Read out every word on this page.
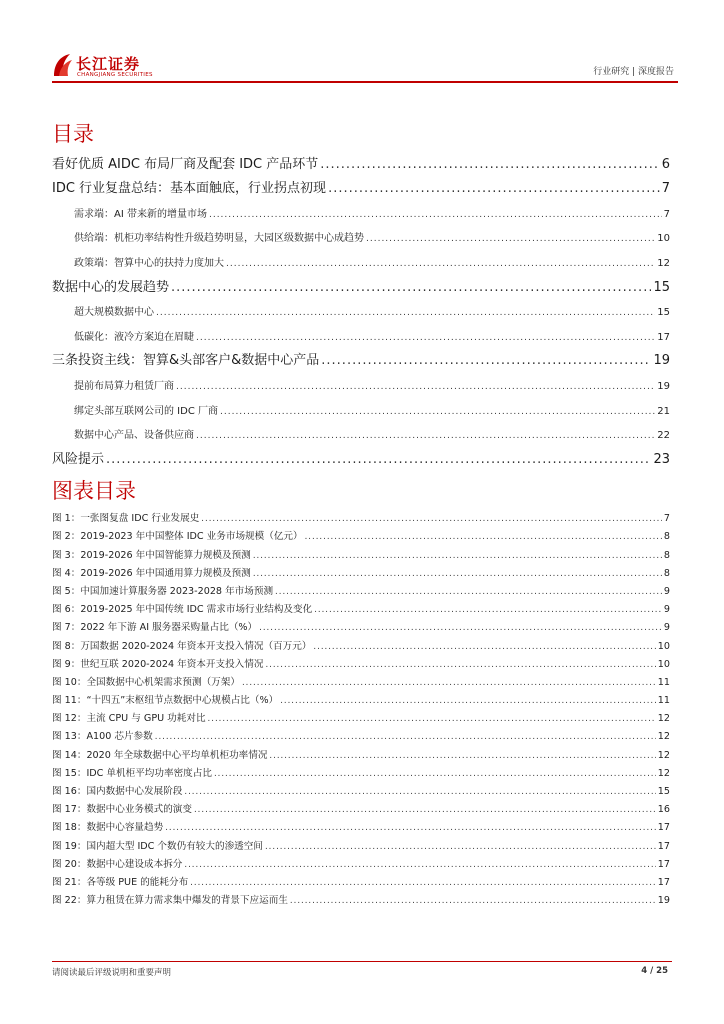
长江证券
CHANGJIANG SECURITIES	行业研究 | 深度报告
目录
看好优质 AIDC 布局厂商及配套 IDC 产品环节 .....	6
IDC 行业复盘总结：基本面触底，行业拐点初现 .....	7
需求端：AI 带来新的增量市场 .....	7
供给端：机柜功率结构性升级趋势明显，大园区级数据中心成趋势 .....	10
政策端：智算中心的扶持力度加大 .....	12
数据中心的发展趋势 .....	15
超大规模数据中心 .....	15
低碳化：液冷方案迫在眉睫 .....	17
三条投资主线：智算&头部客户&数据中心产品 .....	19
提前布局算力租赁厂商 .....	19
绑定头部互联网公司的 IDC 厂商 .....	21
数据中心产品、设备供应商 .....	22
风险提示 .....	23
图表目录
图 1：一张图复盘 IDC 行业发展史 .....	7
图 2：2019-2023 年中国整体 IDC 业务市场规模（亿元） .....	8
图 3：2019-2026 年中国智能算力规模及预测 .....	8
图 4：2019-2026 年中国通用算力规模及预测 .....	8
图 5：中国加速计算服务器 2023-2028 年市场预测 .....	9
图 6：2019-2025 年中国传统 IDC 需求市场行业结构及变化 .....	9
图 7：2022 年下游 AI 服务器采购量占比（%） .....	9
图 8：万国数据 2020-2024 年资本开支投入情况（百万元） .....	10
图 9：世纪互联 2020-2024 年资本开支投入情况 .....	10
图 10：全国数据中心机架需求预测（万架） .....	11
图 11：“十四五”末枢纽节点数据中心规模占比（%） .....	11
图 12：主流 CPU 与 GPU 功耗对比 .....	12
图 13：A100 芯片参数 .....	12
图 14：2020 年全球数据中心平均单机柜功率情况 .....	12
图 15：IDC 单机柜平均功率密度占比 .....	12
图 16：国内数据中心发展阶段 .....	15
图 17：数据中心业务模式的演变 .....	16
图 18：数据中心容量趋势 .....	17
图 19：国内超大型 IDC 个数仍有较大的渗透空间 .....	17
图 20：数据中心建设成本拆分 .....	17
图 21：各等级 PUE 的能耗分布 .....	17
图 22：算力租赁在算力需求集中爆发的背景下应运而生 .....	19
请阅读最后评级说明和重要声明	4 / 25
